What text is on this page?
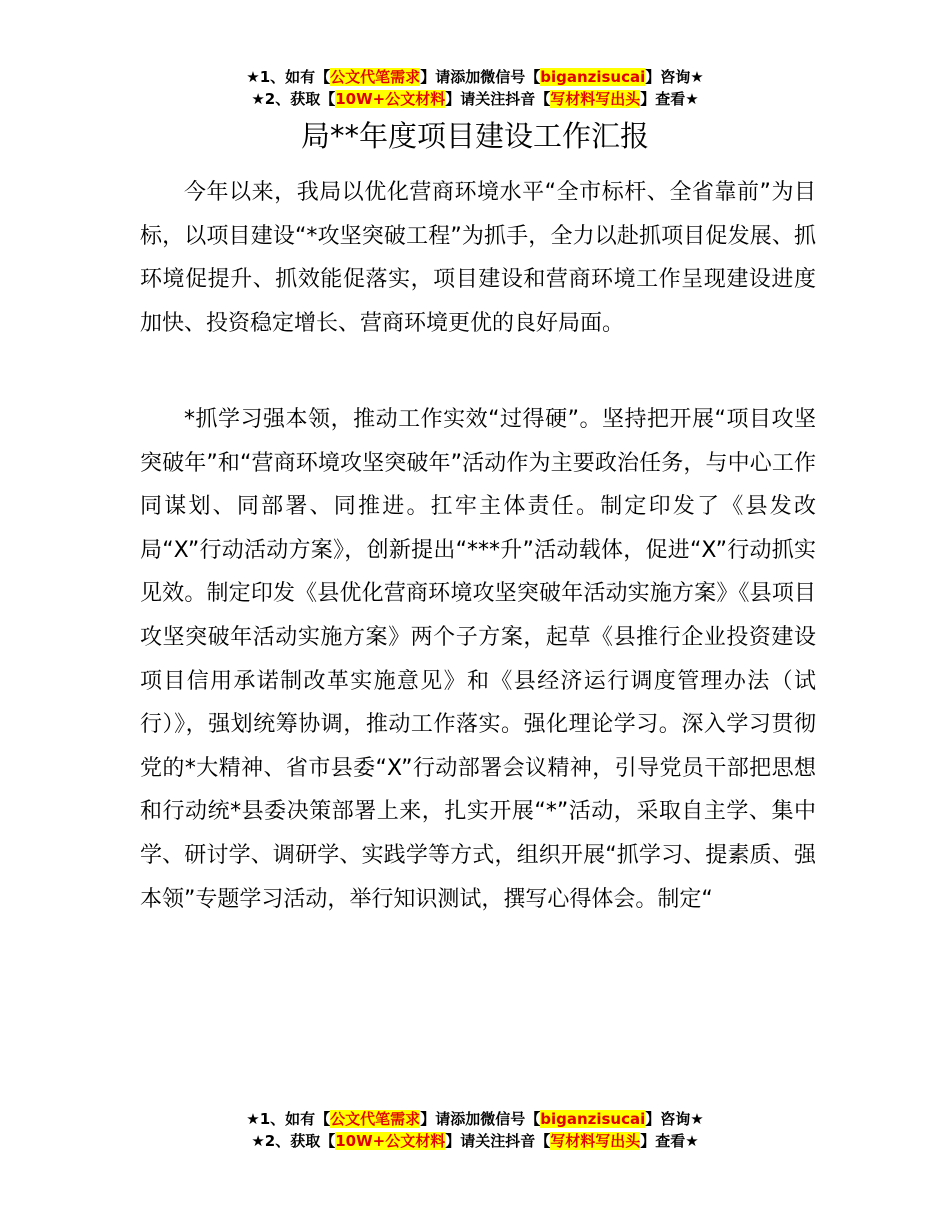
★1、如有【公文代笔需求】请添加微信号【biganzisucai】咨询★
★2、获取【10W+公文材料】请关注抖音【写材料写出头】查看★
局**年度项目建设工作汇报

今年以来，我局以优化营商环境水平“全市标杆、全省靠前”为目标，以项目建设“*攻坚突破工程”为抓手，全力以赴抓项目促发展、抓环境促提升、抓效能促落实，项目建设和营商环境工作呈现建设进度加快、投资稳定增长、营商环境更优的良好局面。

*抓学习强本领，推动工作实效“过得硬”。坚持把开展“项目攻坚突破年”和“营商环境攻坚突破年”活动作为主要政治任务，与中心工作同谋划、同部署、同推进。扛牢主体责任。制定印发了《县发改局“X”行动活动方案》，创新提出“***升”活动载体，促进“X”行动抓实见效。制定印发《县优化营商环境攻坚突破年活动实施方案》《县项目攻坚突破年活动实施方案》两个子方案，起草《县推行企业投资建设项目信用承诺制改革实施意见》和《县经济运行调度管理办法（试行）》，强划统筹协调，推动工作落实。强化理论学习。深入学习贯彻党的*大精神、省市县委“X”行动部署会议精神，引导党员干部把思想和行动统*县委决策部署上来，扎实开展“*”活动，采取自主学、集中学、研讨学、调研学、实践学等方式，组织开展“抓学习、提素质、强本领”专题学习活动，举行知识测试，撰写心得体会。制定“

★1、如有【公文代笔需求】请添加微信号【biganzisucai】咨询★
★2、获取【10W+公文材料】请关注抖音【写材料写出头】查看★
